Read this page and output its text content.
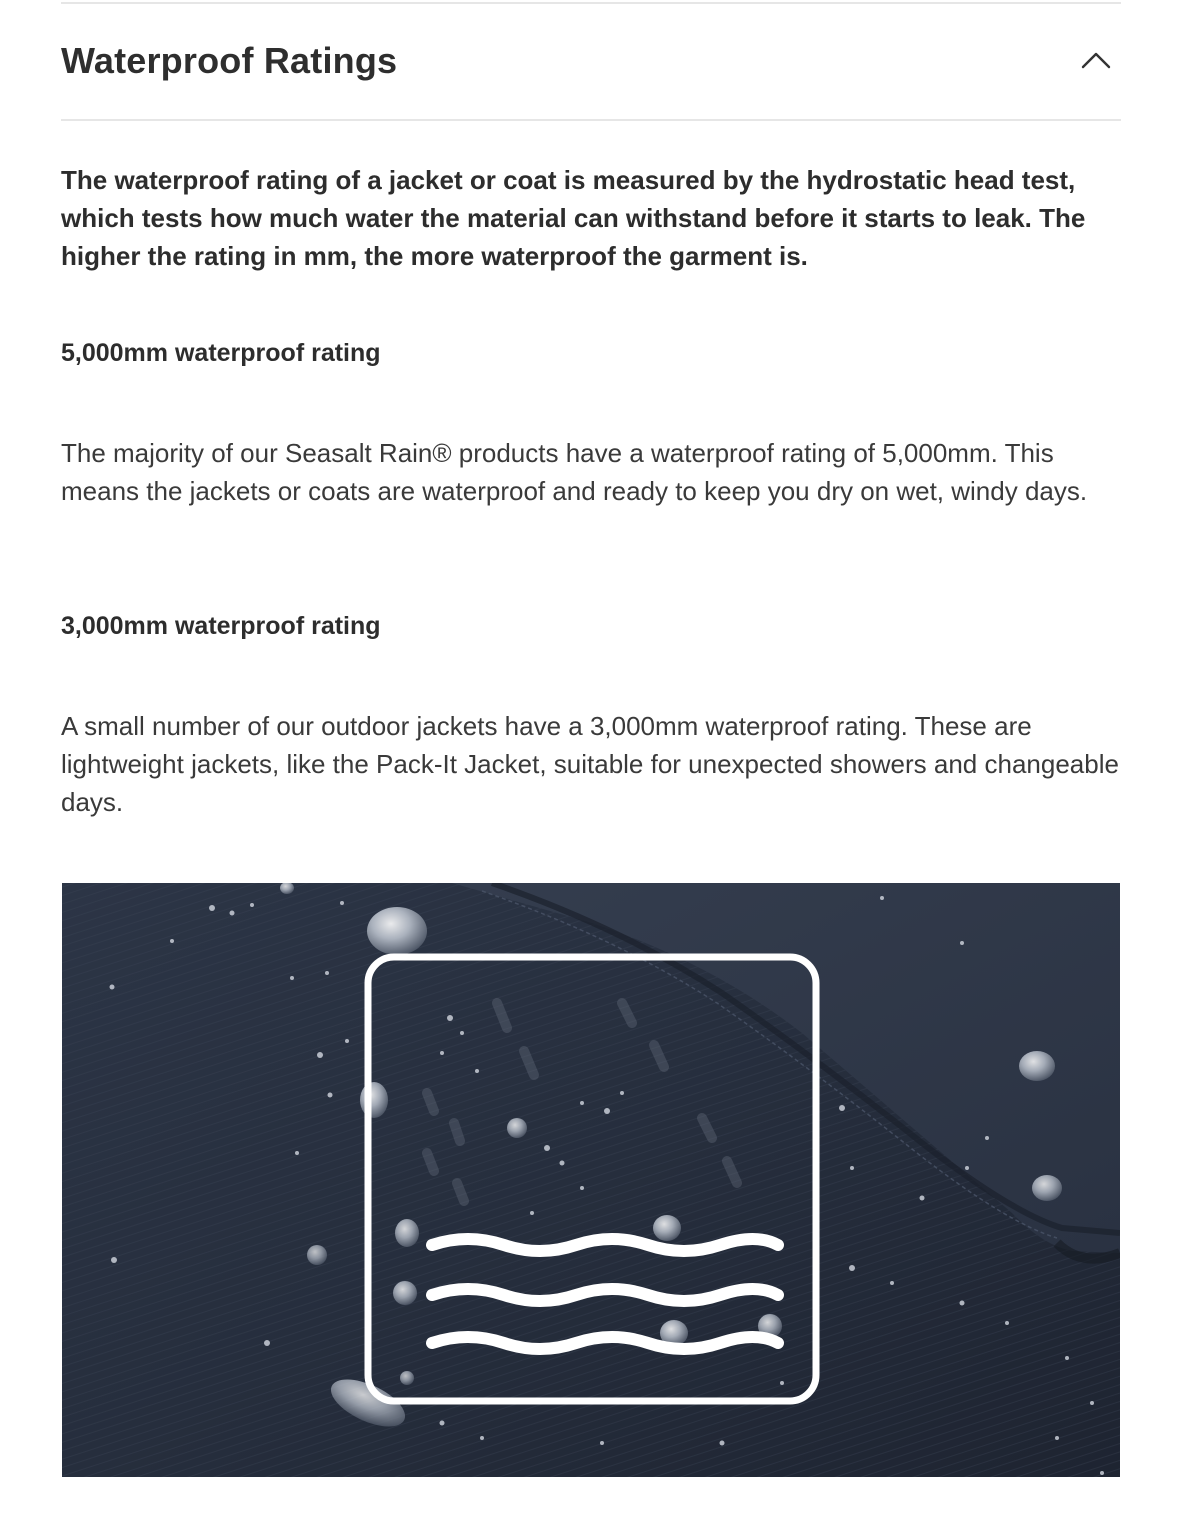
Waterproof Ratings

The waterproof rating of a jacket or coat is measured by the hydrostatic head test, which tests how much water the material can withstand before it starts to leak. The higher the rating in mm, the more waterproof the garment is.

5,000mm waterproof rating

The majority of our Seasalt Rain® products have a waterproof rating of 5,000mm. This means the jackets or coats are waterproof and ready to keep you dry on wet, windy days.

3,000mm waterproof rating

A small number of our outdoor jackets have a 3,000mm waterproof rating. These are lightweight jackets, like the Pack-It Jacket, suitable for unexpected showers and changeable days.
